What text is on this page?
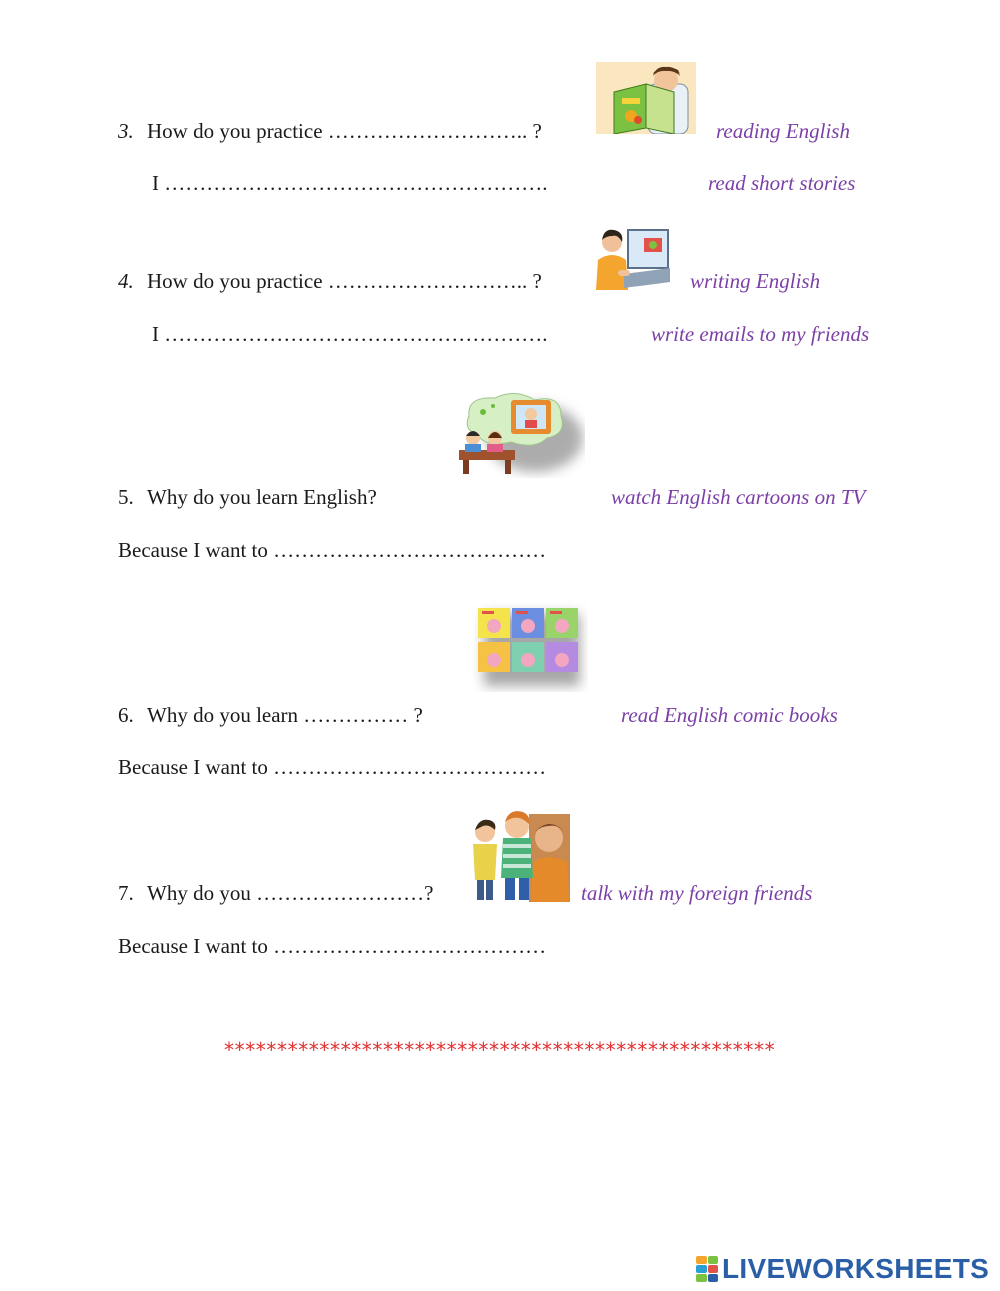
3. How do you practice ……………………….. ?	reading English
I ……………………………………………….	read short stories
4. How do you practice ……………………….. ?	writing English
I ……………………………………………….	write emails to my friends
5. Why do you learn English?	watch English cartoons on TV
Because I want to …………………………………
6. Why do you learn …………… ?	read English comic books
Because I want to …………………………………
7. Why do you ……………………?	talk with my foreign friends
Because I want to …………………………………
****************************************************
LIVEWORKSHEETS
